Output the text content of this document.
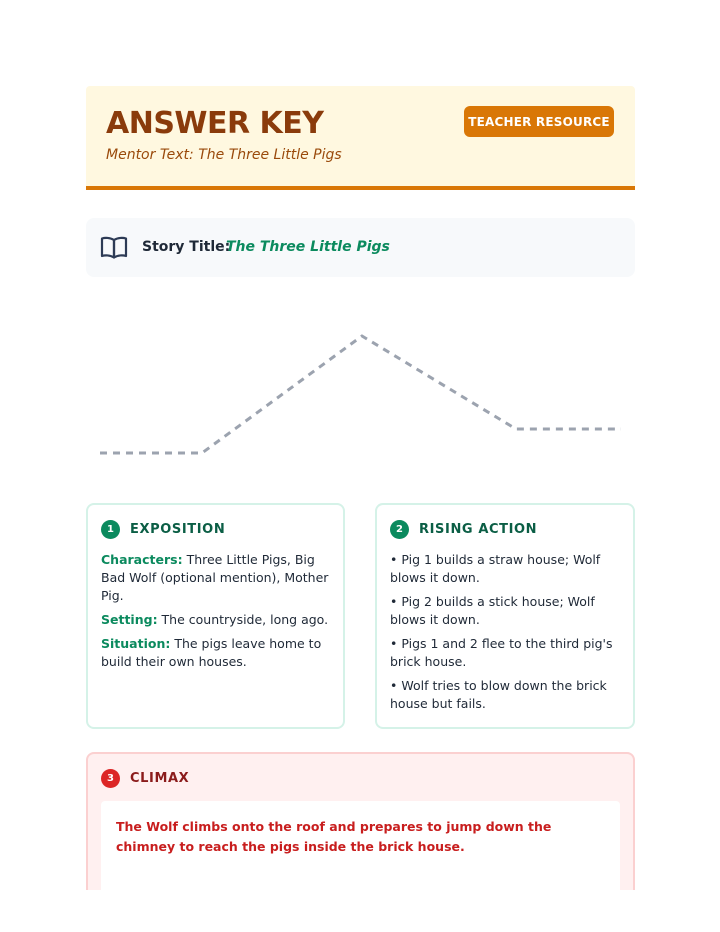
ANSWER KEY
Mentor Text: The Three Little Pigs
TEACHER RESOURCE
Story Title:
The Three Little Pigs
1	EXPOSITION
Characters: Three Little Pigs, Big Bad Wolf (optional mention), Mother Pig.
Setting: The countryside, long ago.
Situation: The pigs leave home to build their own houses.
2	RISING ACTION
• Pig 1 builds a straw house; Wolf blows it down.
• Pig 2 builds a stick house; Wolf blows it down.
• Pigs 1 and 2 flee to the third pig's brick house.
• Wolf tries to blow down the brick house but fails.
3	CLIMAX
The Wolf climbs onto the roof and prepares to jump down the chimney to reach the pigs inside the brick house.
